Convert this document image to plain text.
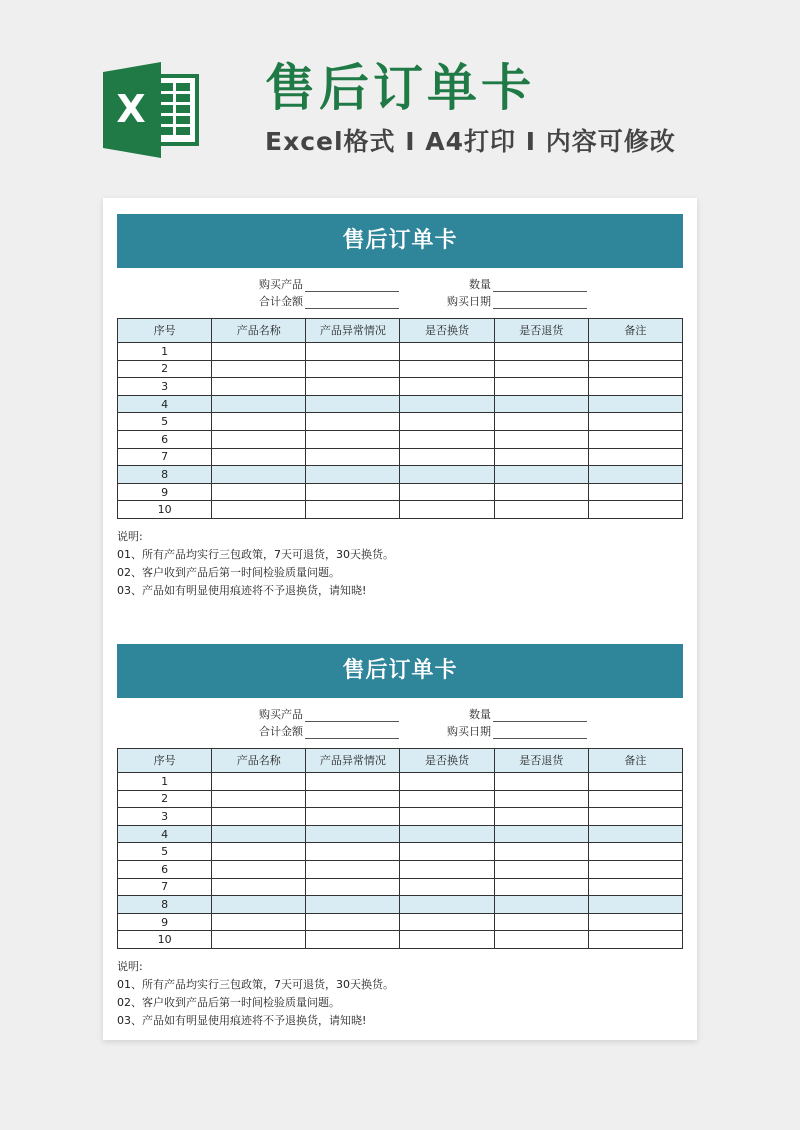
X 售后订单卡
Excel格式 I A4打印 I 内容可修改
售后订单卡
购买产品	数量
合计金额	购买日期
序号	产品名称	产品异常情况	是否换货	是否退货	备注
1					
2					
3					
4					
5					
6					
7					
8					
9					
10					
说明:
01、所有产品均实行三包政策，7天可退货，30天换货。
02、客户收到产品后第一时间检验质量问题。
03、产品如有明显使用痕迹将不予退换货，请知晓!
售后订单卡
购买产品	数量
合计金额	购买日期
序号	产品名称	产品异常情况	是否换货	是否退货	备注
1					
2					
3					
4					
5					
6					
7					
8					
9					
10					
说明:
01、所有产品均实行三包政策，7天可退货，30天换货。
02、客户收到产品后第一时间检验质量问题。
03、产品如有明显使用痕迹将不予退换货，请知晓!
